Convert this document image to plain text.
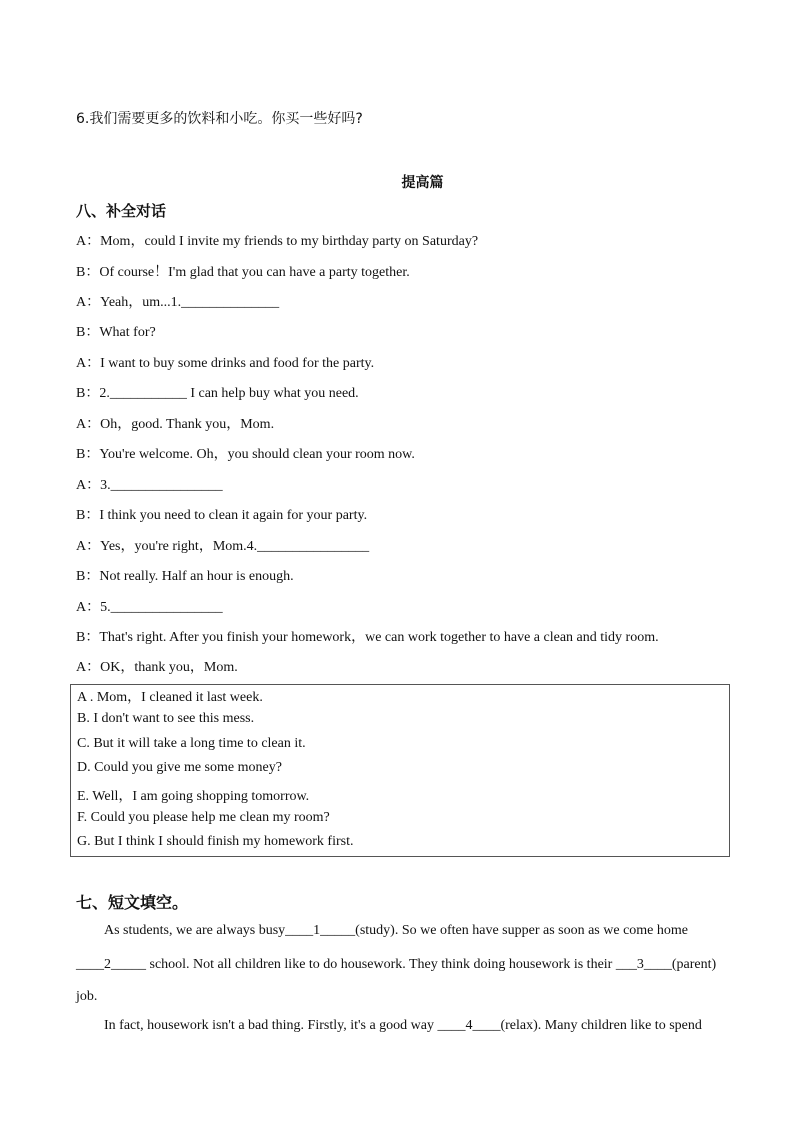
6.我们需要更多的饮料和小吃。你买一些好吗?
提高篇
八、补全对话
A：Mom，could I invite my friends to my birthday party on Saturday?
B：Of course！I'm glad that you can have a party together.
A：Yeah，um...1.______________
B：What for?
A：I want to buy some drinks and food for the party.
B：2.___________ I can help buy what you need.
A：Oh，good. Thank you，Mom.
B：You're welcome. Oh，you should clean your room now.
A：3.________________
B：I think you need to clean it again for your party.
A：Yes，you're right，Mom.4.________________
B：Not really. Half an hour is enough.
A：5.________________
B：That's right. After you finish your homework，we can work together to have a clean and tidy room.
A：OK，thank you，Mom.
A . Mom，I cleaned it last week.
B. I don't want to see this mess.
C. But it will take a long time to clean it.
D. Could you give me some money?
E. Well，I am going shopping tomorrow.
F. Could you please help me clean my room?
G. But I think I should finish my homework first.
七、短文填空。
As students, we are always busy____1_____(study). So we often have supper as soon as we come home
____2_____ school. Not all children like to do housework. They think doing housework is their ___3____(parent)
job.
In fact, housework isn't a bad thing. Firstly, it's a good way ____4____(relax). Many children like to spend
